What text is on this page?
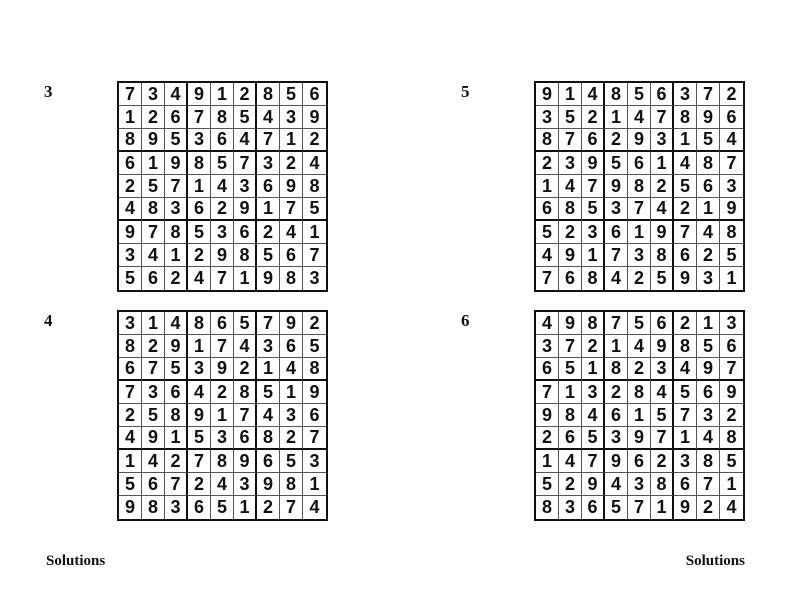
3	7 3 4 9 1 2 8 5 6
1 2 6 7 8 5 4 3 9
8 9 5 3 6 4 7 1 2
6 1 9 8 5 7 3 2 4
2 5 7 1 4 3 6 9 8
4 8 3 6 2 9 1 7 5
9 7 8 5 3 6 2 4 1
3 4 1 2 9 8 5 6 7
5 6 2 4 7 1 9 8 3
4	3 1 4 8 6 5 7 9 2
8 2 9 1 7 4 3 6 5
6 7 5 3 9 2 1 4 8
7 3 6 4 2 8 5 1 9
2 5 8 9 1 7 4 3 6
4 9 1 5 3 6 8 2 7
1 4 2 7 8 9 6 5 3
5 6 7 2 4 3 9 8 1
9 8 3 6 5 1 2 7 4
5	9 1 4 8 5 6 3 7 2
3 5 2 1 4 7 8 9 6
8 7 6 2 9 3 1 5 4
2 3 9 5 6 1 4 8 7
1 4 7 9 8 2 5 6 3
6 8 5 3 7 4 2 1 9
5 2 3 6 1 9 7 4 8
4 9 1 7 3 8 6 2 5
7 6 8 4 2 5 9 3 1
6	4 9 8 7 5 6 2 1 3
3 7 2 1 4 9 8 5 6
6 5 1 8 2 3 4 9 7
7 1 3 2 8 4 5 6 9
9 8 4 6 1 5 7 3 2
2 6 5 3 9 7 1 4 8
1 4 7 9 6 2 3 8 5
5 2 9 4 3 8 6 7 1
8 3 6 5 7 1 9 2 4
Solutions	Solutions
